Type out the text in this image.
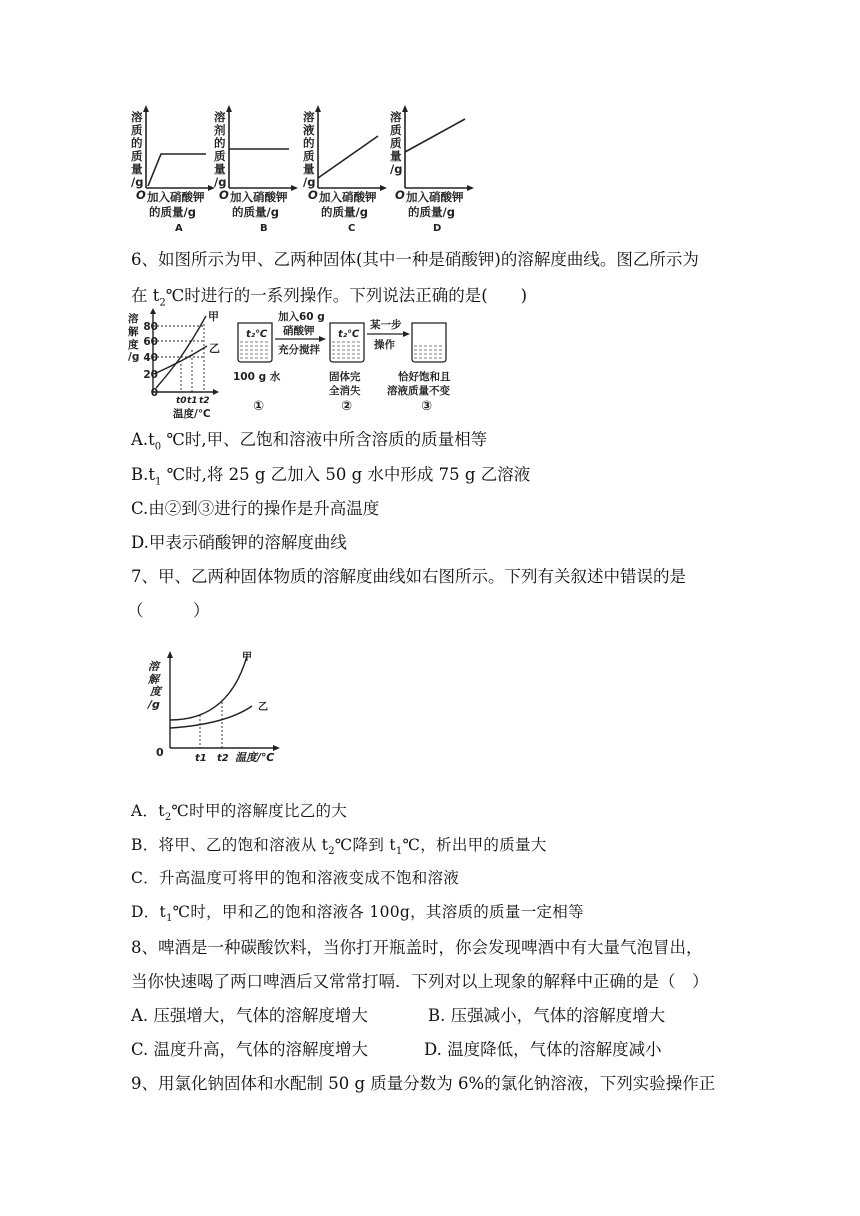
溶
质
的
质
量
/g
O 加入硝酸钾
的质量/g
A
溶
剂
的
质
量
/g
O 加入硝酸钾
的质量/g
B
溶
液
的
质
量
/g
O 加入硝酸钾
的质量/g
C
溶
质
质
量
/g
O 加入硝酸钾
的质量/g
D
6、如图所示为甲、乙两种固体(其中一种是硝酸钾)的溶解度曲线。图乙所示为
在 $t_2℃$时进行的一系列操作。下列说法正确的是(　　)
甲
乙
溶
解
度
/g
80
60
40
20
0
t0 t1 t2
温度/℃
t₂℃
100 g 水
①
加入60 g
硝酸钾
充分搅拌
t₂℃
固体完
全消失
②
某一步
操作
恰好饱和且
溶液质量不变
③
$A.t_0$ ℃时,甲、乙饱和溶液中所含溶质的质量相等
$B.t_1$ ℃时,将 25 g 乙加入 50 g 水中形成 75 g 乙溶液
C.由②到③进行的操作是升高温度
D.甲表示硝酸钾的溶解度曲线
7、甲、乙两种固体物质的溶解度曲线如右图所示。下列有关叙述中错误的是
（　　　）
甲
乙
溶
解
度
/g
0	t1 t2 温度/℃
A．$t_2℃$时甲的溶解度比乙的大
B．将甲、乙的饱和溶液从 $t_2℃$降到 $t_1℃$，析出甲的质量大
C．升高温度可将甲的饱和溶液变成不饱和溶液
D．$t_1℃$时，甲和乙的饱和溶液各 100g，其溶质的质量一定相等
8、啤酒是一种碳酸饮料，当你打开瓶盖时，你会发现啤酒中有大量气泡冒出，
当你快速喝了两口啤酒后又常常打嗝．下列对以上现象的解释中正确的是（　）
A. 压强增大，气体的溶解度增大	B. 压强减小，气体的溶解度增大
C. 温度升高，气体的溶解度增大	D. 温度降低，气体的溶解度减小
9、用氯化钠固体和水配制 50 g 质量分数为 6%的氯化钠溶液，下列实验操作正
